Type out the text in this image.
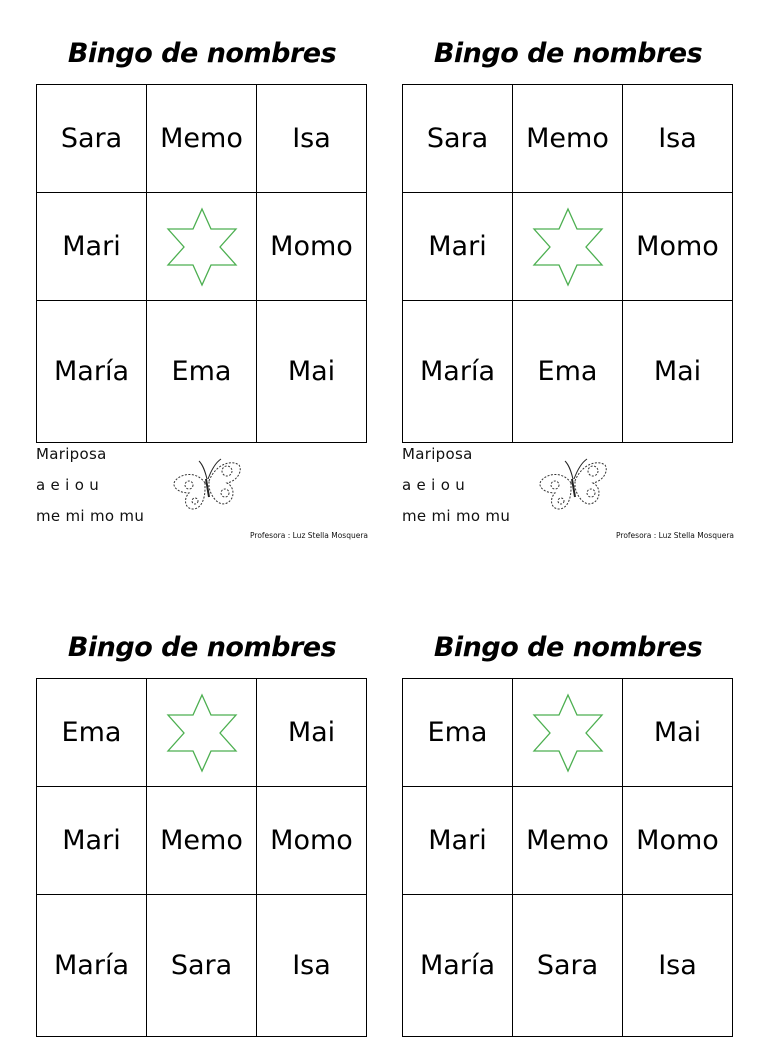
Bingo de nombres
Sara	Memo	Isa
Mari		Momo
María	Ema	Mai
Mariposa
a e i o u
me mi mo mu
Profesora : Luz Stella Mosquera
Bingo de nombres
Sara	Memo	Isa
Mari		Momo
María	Ema	Mai
Mariposa
a e i o u
me mi mo mu
Profesora : Luz Stella Mosquera
Bingo de nombres
Ema		Mai
Mari	Memo	Momo
María	Sara	Isa
Bingo de nombres
Ema		Mai
Mari	Memo	Momo
María	Sara	Isa
